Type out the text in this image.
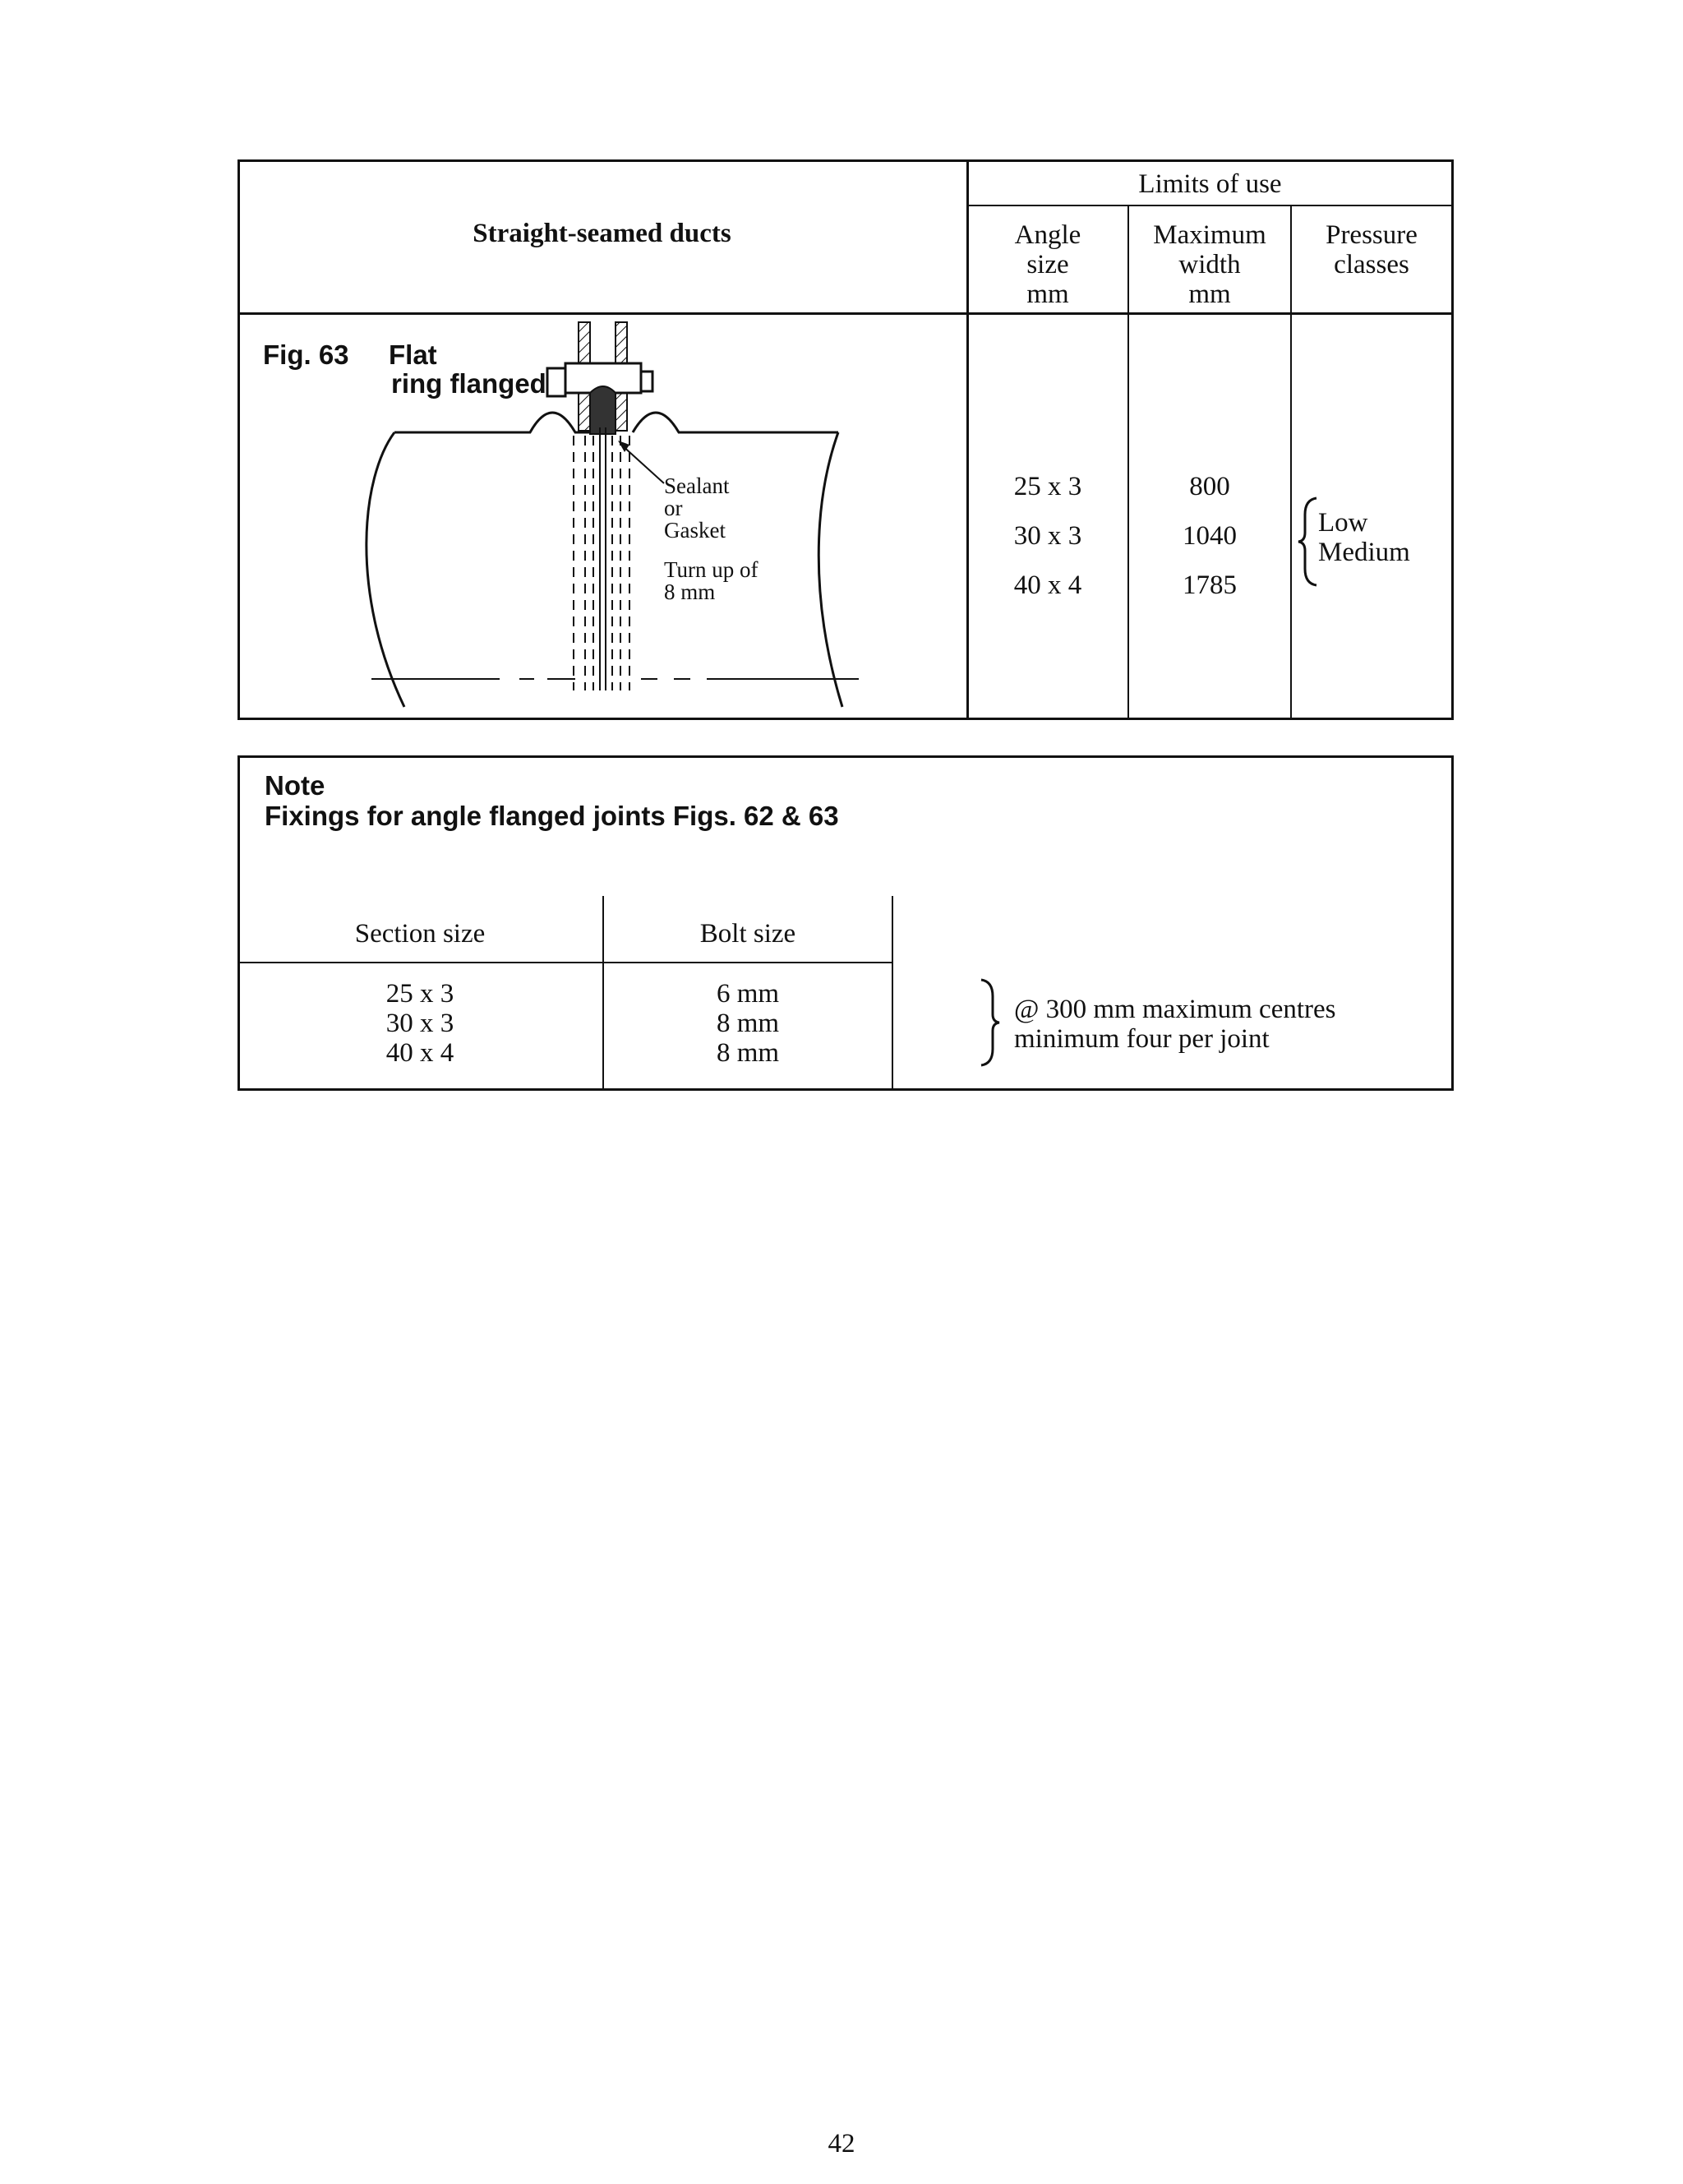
Straight-seamed ducts
Limits of use
Angle
size
mm
Maximum
width
mm
Pressure
classes
Fig. 63 Flat
ring flanged
Sealant
or
Gasket
Turn up of
8 mm
25 x 3
30 x 3
40 x 4
800
1040
1785
Low
Medium
Note
Fixings for angle flanged joints Figs. 62 & 63
Section size	Bolt size
25 x 3
30 x 3
40 x 4
6 mm
8 mm
8 mm
@ 300 mm maximum centres
minimum four per joint
42
